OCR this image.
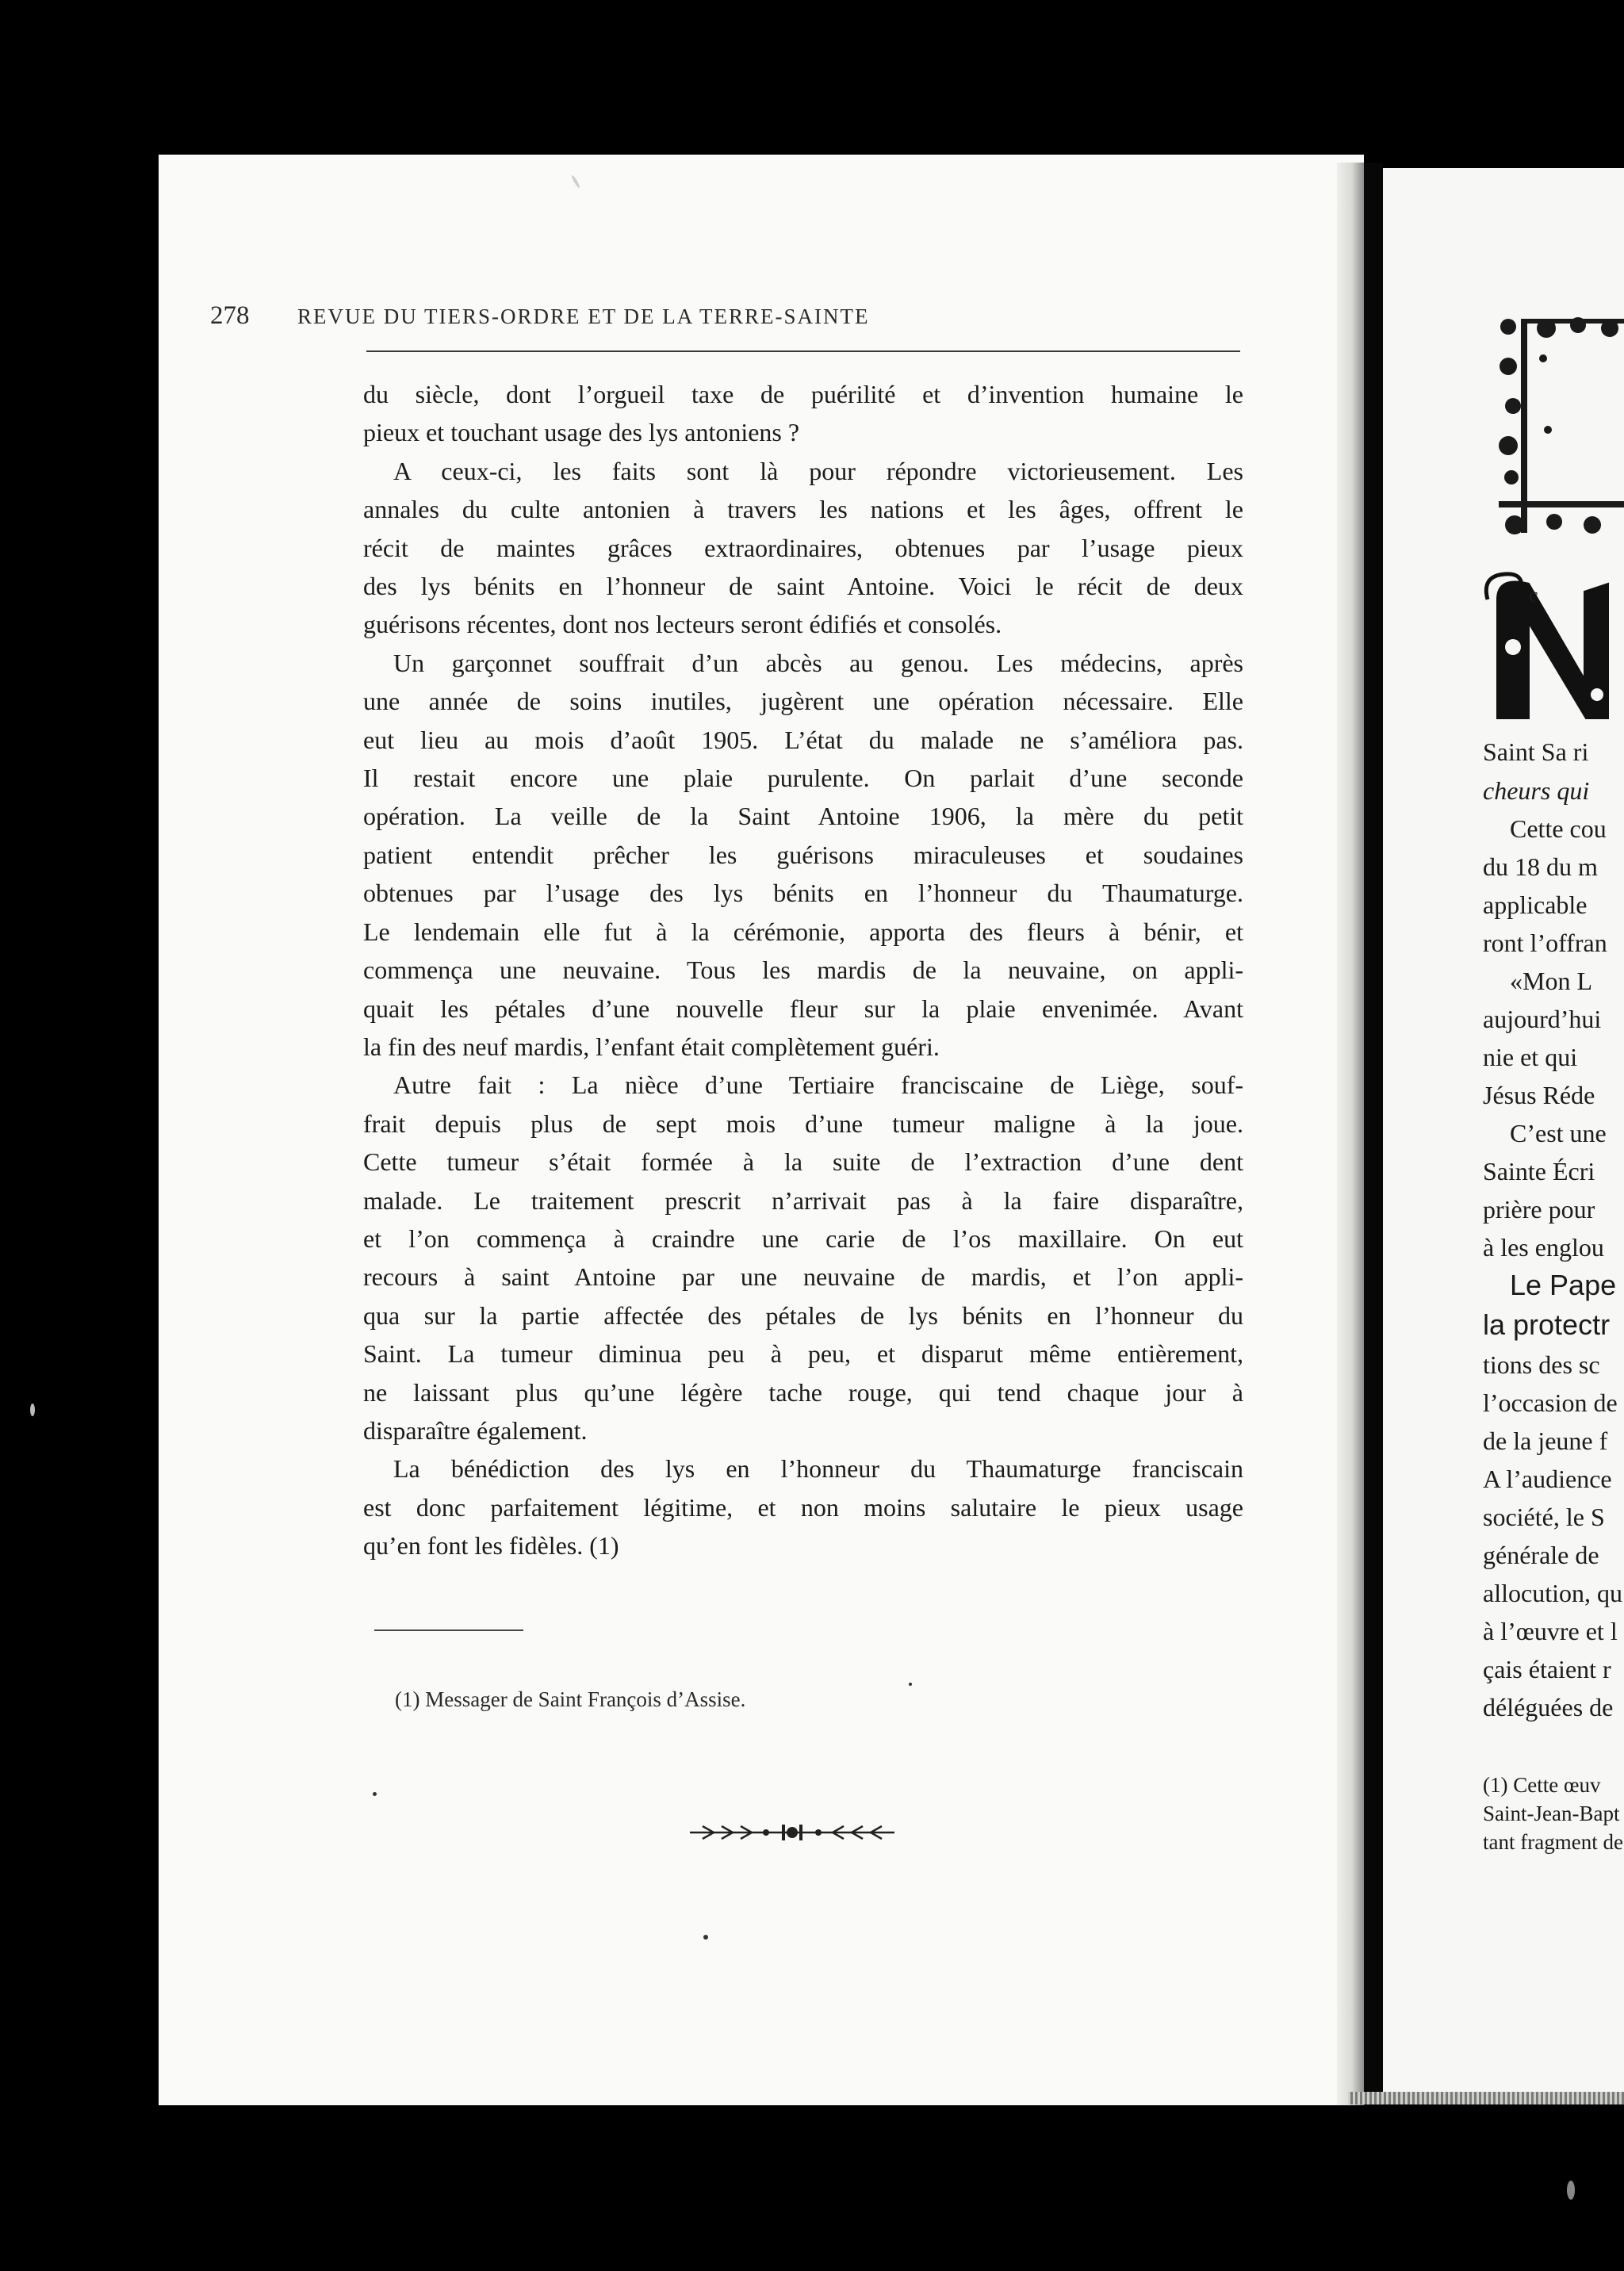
278 REVUE DU TIERS-ORDRE ET DE LA TERRE-SAINTE
du siècle, dont l’orgueil taxe de puérilité et d’invention humaine le
pieux et touchant usage des lys antoniens ?
A ceux-ci, les faits sont là pour répondre victorieusement. Les
annales du culte antonien à travers les nations et les âges, offrent le
récit de maintes grâces extraordinaires, obtenues par l’usage pieux
des lys bénits en l’honneur de saint Antoine. Voici le récit de deux
guérisons récentes, dont nos lecteurs seront édifiés et consolés.
Un garçonnet souffrait d’un abcès au genou. Les médecins, après
une année de soins inutiles, jugèrent une opération nécessaire. Elle
eut lieu au mois d’août 1905. L’état du malade ne s’améliora pas.
Il restait encore une plaie purulente. On parlait d’une seconde
opération. La veille de la Saint Antoine 1906, la mère du petit
patient entendit prêcher les guérisons miraculeuses et soudaines
obtenues par l’usage des lys bénits en l’honneur du Thaumaturge.
Le lendemain elle fut à la cérémonie, apporta des fleurs à bénir, et
commença une neuvaine. Tous les mardis de la neuvaine, on appli-
quait les pétales d’une nouvelle fleur sur la plaie envenimée. Avant
la fin des neuf mardis, l’enfant était complètement guéri.
Autre fait : La nièce d’une Tertiaire franciscaine de Liège, souf-
frait depuis plus de sept mois d’une tumeur maligne à la joue.
Cette tumeur s’était formée à la suite de l’extraction d’une dent
malade. Le traitement prescrit n’arrivait pas à la faire disparaître,
et l’on commença à craindre une carie de l’os maxillaire. On eut
recours à saint Antoine par une neuvaine de mardis, et l’on appli-
qua sur la partie affectée des pétales de lys bénits en l’honneur du
Saint. La tumeur diminua peu à peu, et disparut même entièrement,
ne laissant plus qu’une légère tache rouge, qui tend chaque jour à
disparaître également.
La bénédiction des lys en l’honneur du Thaumaturge franciscain
est donc parfaitement légitime, et non moins salutaire le pieux usage
qu’en font les fidèles. (1)
(1) Messager de Saint François d’Assise.
c
Saint Sa ri
cheurs qui
Cette cou
du 18 du m
applicable
ront l’offran
«Mon L
aujourd’hui
nie et qui
Jésus Réde
C’est une
Sainte Écri
prière pour
à les englou
Le Pape
la protectr
tions des sc
l’occasion de
de la jeune f
A l’audience
société, le S
générale de
allocution, qu
à l’œuvre et l
çais étaient r
déléguées de
(1) Cette œuv
Saint-Jean-Bapt
tant fragment de
